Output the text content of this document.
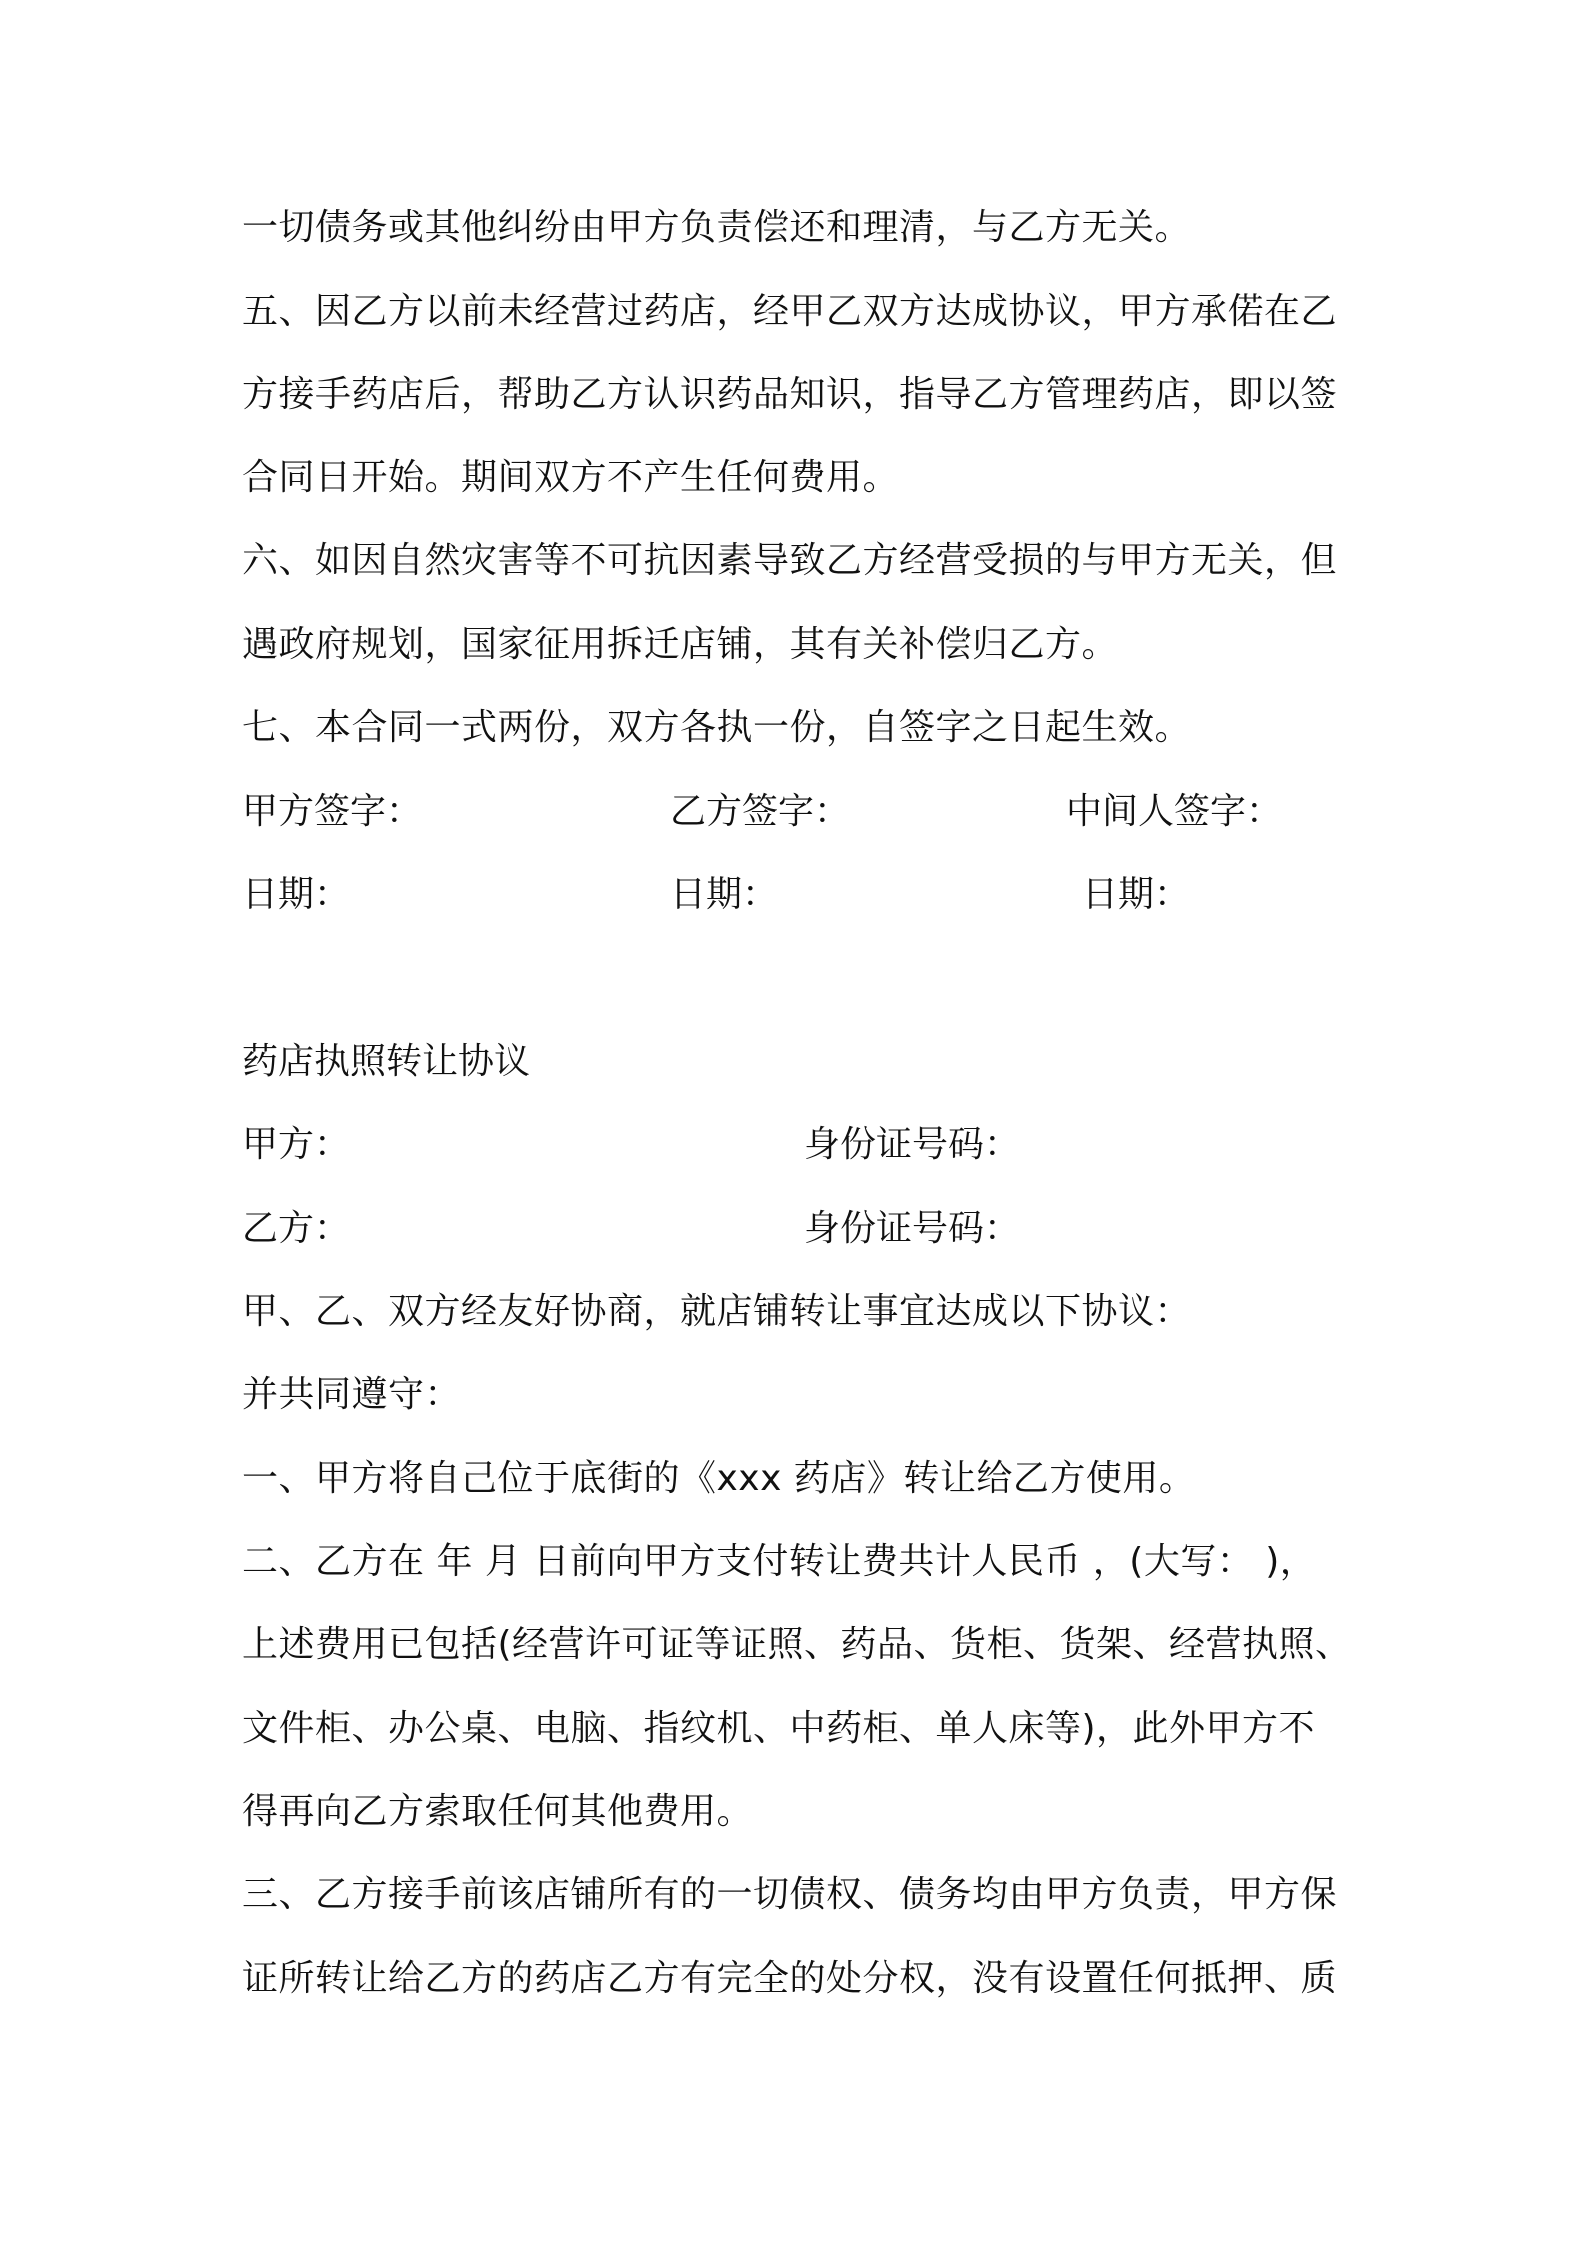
一切债务或其他纠纷由甲方负责偿还和理清，与乙方无关。
五、因乙方以前未经营过药店，经甲乙双方达成协议，甲方承偌在乙
方接手药店后，帮助乙方认识药品知识，指导乙方管理药店，即以签
合同日开始。期间双方不产生任何费用。
六、如因自然灾害等不可抗因素导致乙方经营受损的与甲方无关，但
遇政府规划，国家征用拆迁店铺，其有关补偿归乙方。
七、本合同一式两份，双方各执一份，自签字之日起生效。
甲方签字：	乙方签字：	中间人签字：
日期：	日期：	日期：
药店执照转让协议
甲方：	身份证号码：
乙方：	身份证号码：
甲、乙、双方经友好协商，就店铺转让事宜达成以下协议：
并共同遵守：
一、甲方将自己位于底街的《xxx 药店》转让给乙方使用。
二、乙方在 年 月 日前向甲方支付转让费共计人民币 ，(大写： )，
上述费用已包括(经营许可证等证照、药品、货柜、货架、经营执照、
文件柜、办公桌、电脑、指纹机、中药柜、单人床等)，此外甲方不
得再向乙方索取任何其他费用。
三、乙方接手前该店铺所有的一切债权、债务均由甲方负责，甲方保
证所转让给乙方的药店乙方有完全的处分权，没有设置任何抵押、质
